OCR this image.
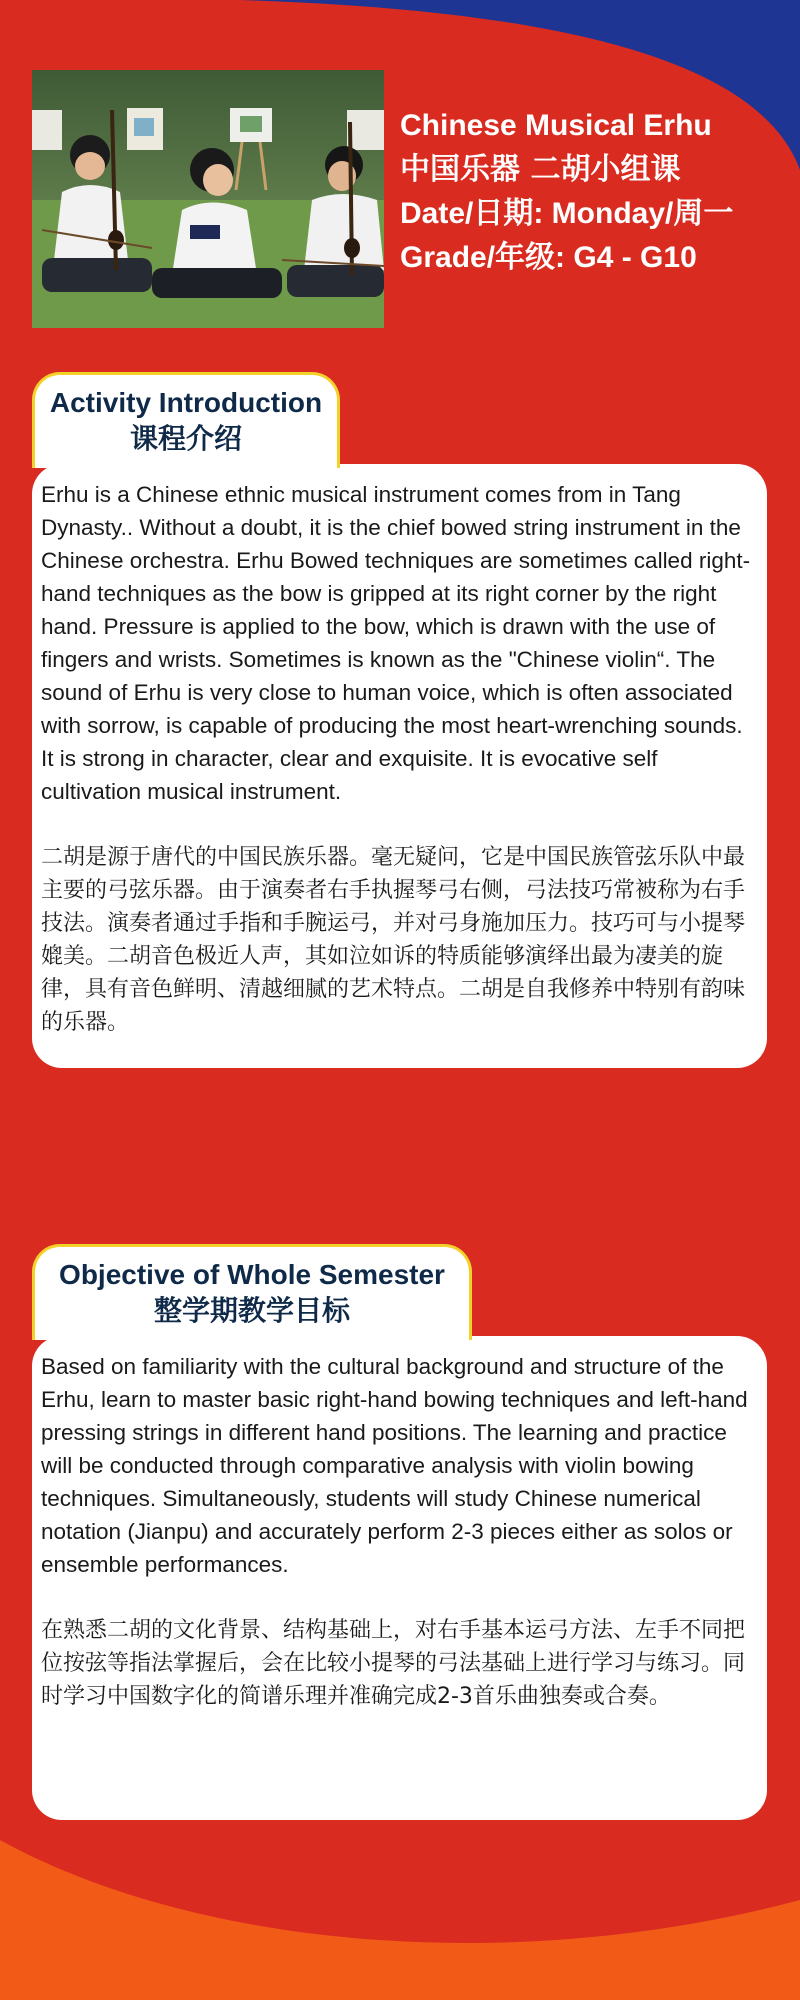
Chinese Musical Erhu
中国乐器 二胡小组课
Date/日期: Monday/周一
Grade/年级: G4 - G10

Erhu is a Chinese ethnic musical instrument comes from in Tang Dynasty.. Without a doubt, it is the chief bowed string instrument in the Chinese orchestra. Erhu Bowed techniques are sometimes called right-hand techniques as the bow is gripped at its right corner by the right hand. Pressure is applied to the bow, which is drawn with the use of fingers and wrists. Sometimes is known as the "Chinese violin“. The sound of Erhu is very close to human voice, which is often associated with sorrow, is capable of producing the most heart-wrenching sounds. It is strong in character, clear and exquisite. It is evocative self cultivation musical instrument.

二胡是源于唐代的中国民族乐器。毫无疑问，它是中国民族管弦乐队中最主要的弓弦乐器。由于演奏者右手执握琴弓右侧，弓法技巧常被称为右手技法。演奏者通过手指和手腕运弓，并对弓身施加压力。技巧可与小提琴媲美。二胡音色极近人声，其如泣如诉的特质能够演绎出最为凄美的旋律，具有音色鲜明、清越细腻的艺术特点。二胡是自我修养中特别有韵味的乐器。

Activity Introduction
课程介绍

Based on familiarity with the cultural background and structure of the Erhu, learn to master basic right-hand bowing techniques and left-hand pressing strings in different hand positions. The learning and practice will be conducted through comparative analysis with violin bowing techniques. Simultaneously, students will study Chinese numerical notation (Jianpu) and accurately perform 2-3 pieces either as solos or ensemble performances.

在熟悉二胡的文化背景、结构基础上，对右手基本运弓方法、左手不同把位按弦等指法掌握后，会在比较小提琴的弓法基础上进行学习与练习。同时学习中国数字化的简谱乐理并准确完成2-3首乐曲独奏或合奏。

Objective of Whole Semester
整学期教学目标
